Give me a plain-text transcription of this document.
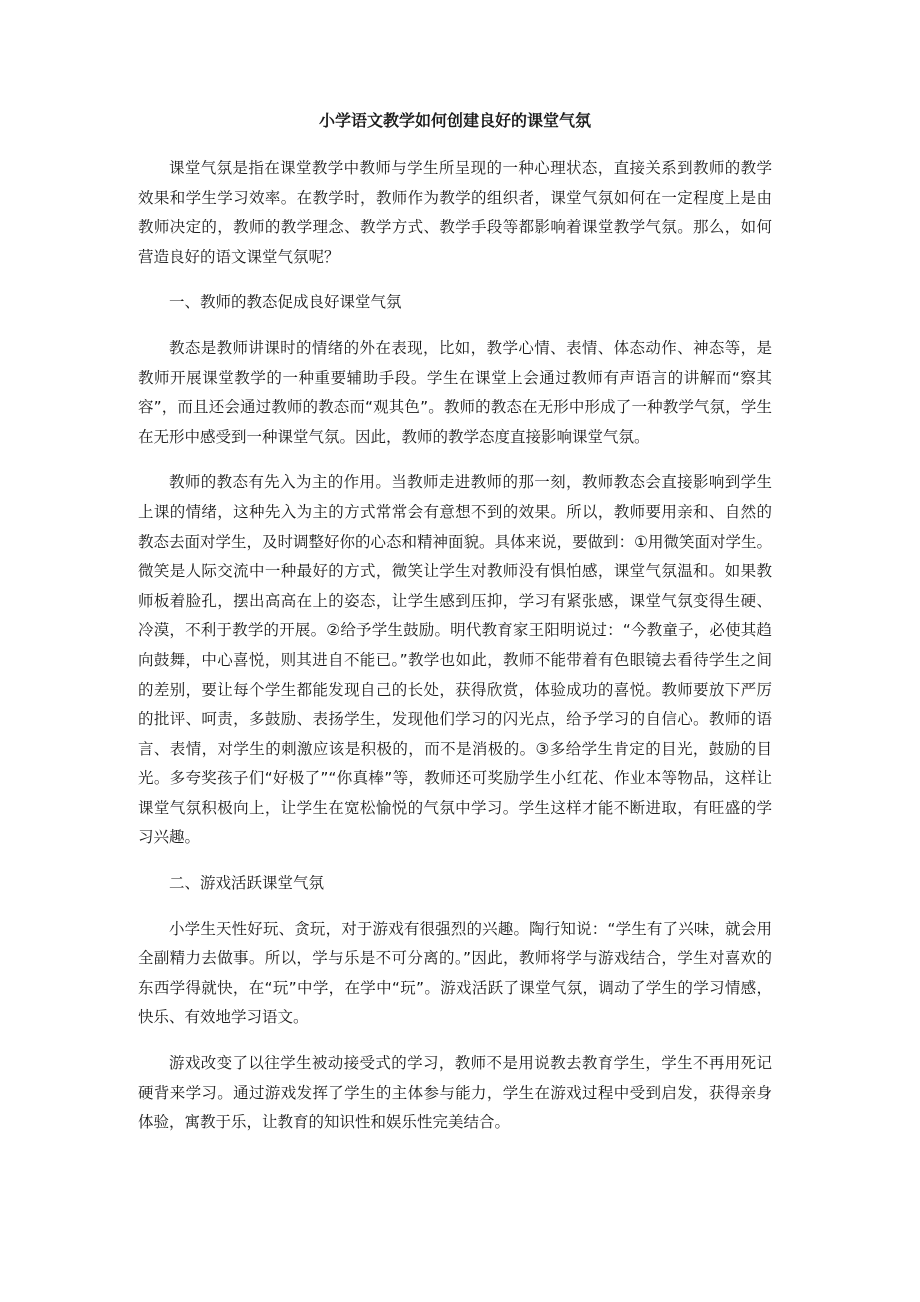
小学语文教学如何创建良好的课堂气氛

课堂气氛是指在课堂教学中教师与学生所呈现的一种心理状态，直接关系到教师的教学效果和学生学习效率。在教学时，教师作为教学的组织者，课堂气氛如何在一定程度上是由教师决定的，教师的教学理念、教学方式、教学手段等都影响着课堂教学气氛。那么，如何营造良好的语文课堂气氛呢？

一、教师的教态促成良好课堂气氛

教态是教师讲课时的情绪的外在表现，比如，教学心情、表情、体态动作、神态等，是教师开展课堂教学的一种重要辅助手段。学生在课堂上会通过教师有声语言的讲解而“察其容”，而且还会通过教师的教态而“观其色”。教师的教态在无形中形成了一种教学气氛，学生在无形中感受到一种课堂气氛。因此，教师的教学态度直接影响课堂气氛。

教师的教态有先入为主的作用。当教师走进教师的那一刻，教师教态会直接影响到学生上课的情绪，这种先入为主的方式常常会有意想不到的效果。所以，教师要用亲和、自然的教态去面对学生，及时调整好你的心态和精神面貌。具体来说，要做到：①用微笑面对学生。微笑是人际交流中一种最好的方式，微笑让学生对教师没有惧怕感，课堂气氛温和。如果教师板着脸孔，摆出高高在上的姿态，让学生感到压抑，学习有紧张感，课堂气氛变得生硬、冷漠，不利于教学的开展。②给予学生鼓励。明代教育家王阳明说过：“今教童子，必使其趋向鼓舞，中心喜悦，则其进自不能已。”教学也如此，教师不能带着有色眼镜去看待学生之间的差别，要让每个学生都能发现自己的长处，获得欣赏，体验成功的喜悦。教师要放下严厉的批评、呵责，多鼓励、表扬学生，发现他们学习的闪光点，给予学习的自信心。教师的语言、表情，对学生的刺激应该是积极的，而不是消极的。③多给学生肯定的目光，鼓励的目光。多夸奖孩子们“好极了”“你真棒”等，教师还可奖励学生小红花、作业本等物品，这样让课堂气氛积极向上，让学生在宽松愉悦的气氛中学习。学生这样才能不断进取，有旺盛的学习兴趣。

二、游戏活跃课堂气氛

小学生天性好玩、贪玩，对于游戏有很强烈的兴趣。陶行知说：“学生有了兴味，就会用全副精力去做事。所以，学与乐是不可分离的。”因此，教师将学与游戏结合，学生对喜欢的东西学得就快，在“玩”中学，在学中“玩”。游戏活跃了课堂气氛，调动了学生的学习情感，快乐、有效地学习语文。

游戏改变了以往学生被动接受式的学习，教师不是用说教去教育学生，学生不再用死记硬背来学习。通过游戏发挥了学生的主体参与能力，学生在游戏过程中受到启发，获得亲身体验，寓教于乐，让教育的知识性和娱乐性完美结合。
